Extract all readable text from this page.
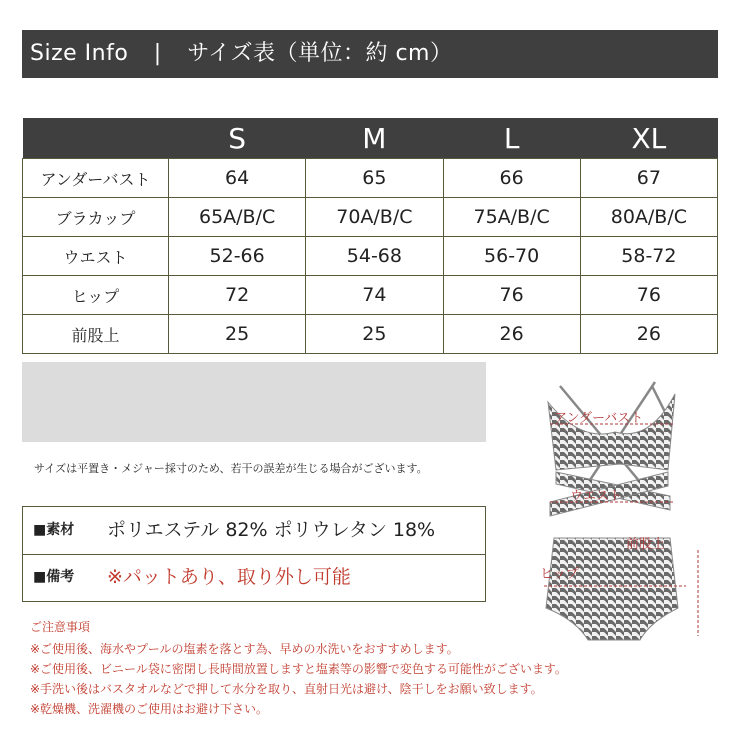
Size Info | サイズ表（単位：約 cm）
	S	M	L	XL
アンダーバスト	64	65	66	67
ブラカップ	65A/B/C	70A/B/C	75A/B/C	80A/B/C
ウエスト	52-66	54-68	56-70	58-72
ヒップ	72	74	76	76
前股上	25	25	26	26
サイズは平置き・メジャー採寸のため、若干の誤差が生じる場合がございます。
■素材 ポリエステル 82% ポリウレタン 18%
■備考 ※パットあり、取り外し可能
ご注意事項
※ご使用後、海水やプールの塩素を落とす為、早めの水洗いをおすすめします。
※ご使用後、ビニール袋に密閉し長時間放置しますと塩素等の影響で変色する可能性がございます。
※手洗い後はバスタオルなどで押して水分を取り、直射日光は避け、陰干しをお願い致します。
※乾燥機、洗濯機のご使用はお避け下さい。
アンダーバスト
ウエスト
前股上
ヒップ
